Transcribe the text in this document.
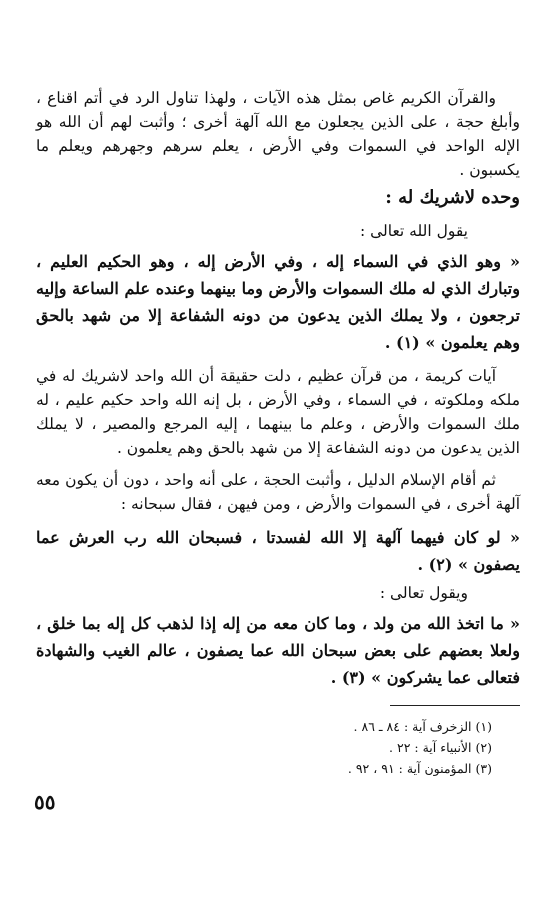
والقرآن الكريم غاص بمثل هذه الآيات ، ولهذا تناول الرد في أتم اقناع ، وأبلغ حجة ، على الذين يجعلون مع الله آلهة أخرى ؛ وأثبت لهم أن الله هو الإله الواحد في السموات وفي الأرض ، يعلم سرهم وجهرهم ويعلم ما يكسبون .

وحده لاشريك له :
يقول الله تعالى :

« وهو الذي في السماء إله ، وفي الأرض إله ، وهو الحكيم العليم ، وتبارك الذي له ملك السموات والأرض وما بينهما وعنده علم الساعة وإليه ترجعون ، ولا يملك الذين يدعون من دونه الشفاعة إلا من شهد بالحق وهم يعلمون » (١) .

آيات كريمة ، من قرآن عظيم ، دلت حقيقة أن الله واحد لاشريك له في ملكه وملكوته ، في السماء ، وفي الأرض ، بل إنه الله واحد حكيم عليم ، له ملك السموات والأرض ، وعلم ما بينهما ، إليه المرجع والمصير ، لا يملك الذين يدعون من دونه الشفاعة إلا من شهد بالحق وهم يعلمون .

ثم أقام الإسلام الدليل ، وأثبت الحجة ، على أنه واحد ، دون أن يكون معه آلهة أخرى ، في السموات والأرض ، ومن فيهن ، فقال سبحانه :

« لو كان فيهما آلهة إلا الله لفسدتا ، فسبحان الله رب العرش عما يصفون » (٢) .

ويقول تعالى :

« ما اتخذ الله من ولد ، وما كان معه من إله إذا لذهب كل إله بما خلق ، ولعلا بعضهم على بعض سبحان الله عما يصفون ، عالم الغيب والشهادة فتعالى عما يشركون » (٣) .

(١) الزخرف آية : ٨٤ ـ ٨٦ .
(٢) الأنبياء آية : ٢٢ .
(٣) المؤمنون آية : ٩١ ، ٩٢ .
٥٥
